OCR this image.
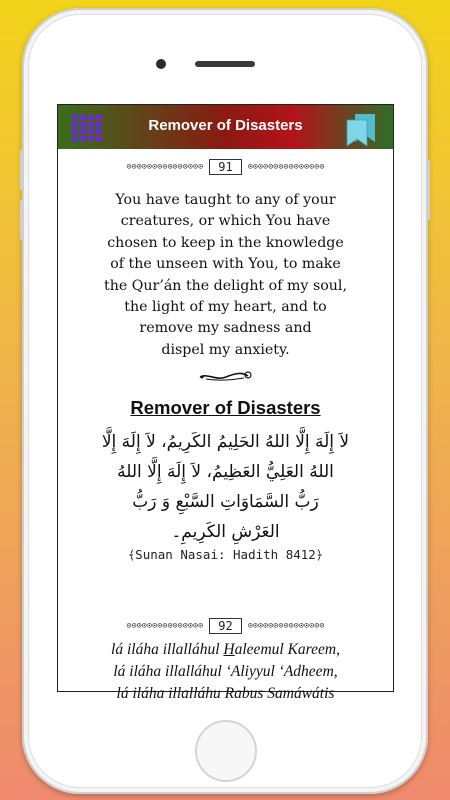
Remover of Disasters
⊙⊙⊙⊙⊙⊙⊙⊙⊙⊙⊙⊙⊙⊙⊙	91	⊙⊙⊙⊙⊙⊙⊙⊙⊙⊙⊙⊙⊙⊙⊙
You have taught to any of your
creatures, or which You have
chosen to keep in the knowledge
of the unseen with You, to make
the Qur’án the delight of my soul,
the light of my heart, and to
remove my sadness and
dispel my anxiety.
Remover of Disasters
لاَ إِلَهَ إِلَّا اللهُ الحَلِيمُ الكَرِيمُ، لاَ إِلَهَ إِلَّا
اللهُ العَلِيُّ العَظِيمُ، لاَ إِلَهَ إِلَّا اللهُ
رَبُّ السَّمَاوَاتِ السَّبْعِ وَ رَبُّ
العَرْشِ الكَرِيمِ۔
﴾Sunan Nasai: Hadith 8412﴿
⊙⊙⊙⊙⊙⊙⊙⊙⊙⊙⊙⊙⊙⊙⊙	92	⊙⊙⊙⊙⊙⊙⊙⊙⊙⊙⊙⊙⊙⊙⊙
lá iláha illalláhul Haleemul Kareem,
lá iláha illalláhul ‘Aliyyul ‘Adheem,
lá iláha illalláhu Rabus Samáwátis
